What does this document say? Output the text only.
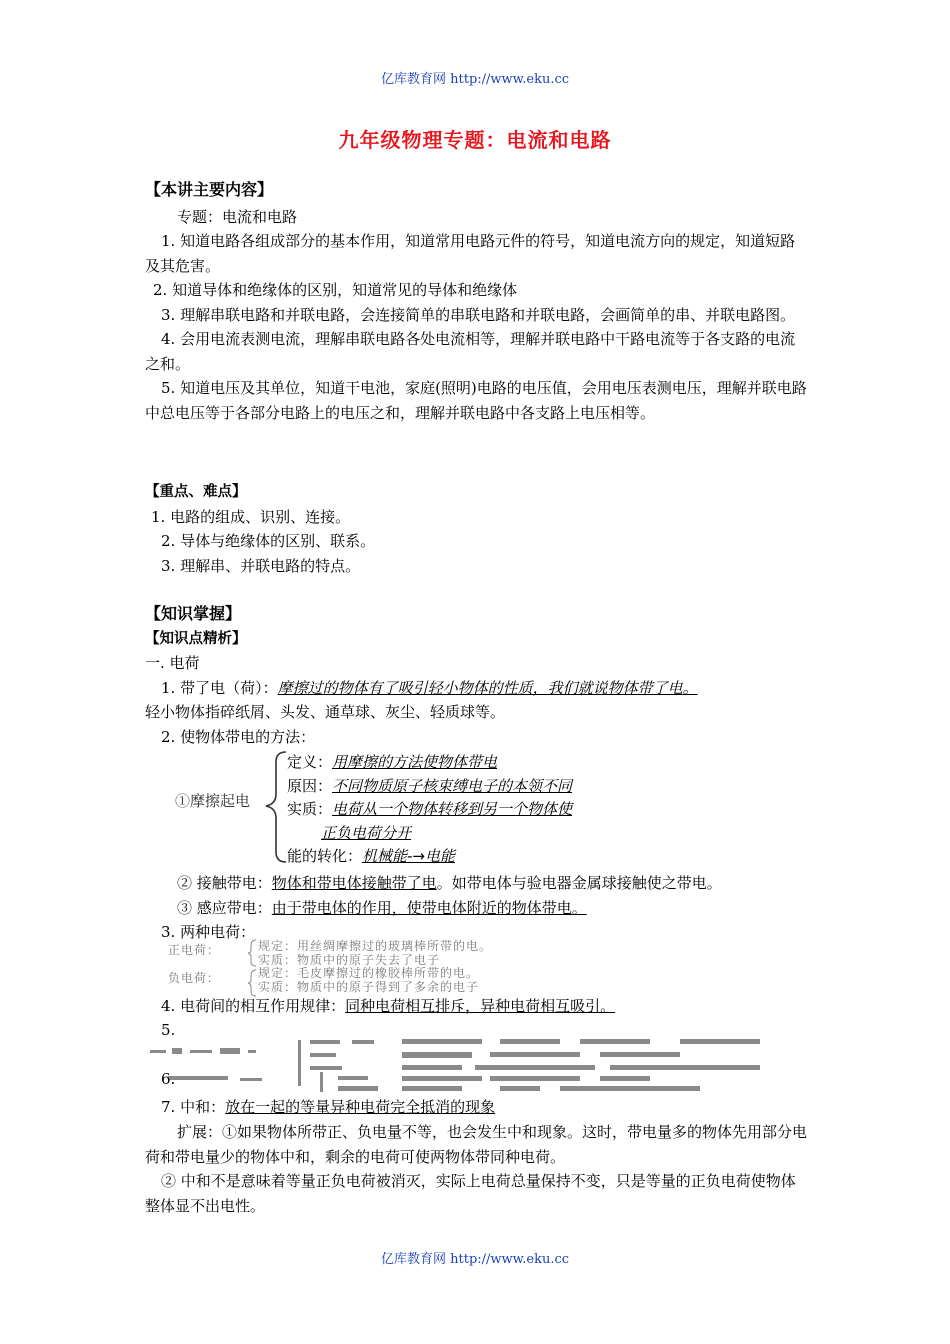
亿库教育网 http://www.eku.cc
九年级物理专题：电流和电路
【本讲主要内容】
专题：电流和电路
1. 知道电路各组成部分的基本作用，知道常用电路元件的符号，知道电流方向的规定，知道短路及其危害。
2. 知道导体和绝缘体的区别，知道常见的导体和绝缘体
3. 理解串联电路和并联电路，会连接简单的串联电路和并联电路，会画简单的串、并联电路图。
4. 会用电流表测电流，理解串联电路各处电流相等，理解并联电路中干路电流等于各支路的电流之和。
5. 知道电压及其单位，知道干电池，家庭(照明)电路的电压值，会用电压表测电压，理解并联电路中总电压等于各部分电路上的电压之和，理解并联电路中各支路上电压相等。
【重点、难点】
1. 电路的组成、识别、连接。
2. 导体与绝缘体的区别、联系。
3. 理解串、并联电路的特点。
【知识掌握】
【知识点精析】
一. 电荷
1. 带了电（荷）：摩擦过的物体有了吸引轻小物体的性质，我们就说物体带了电。
轻小物体指碎纸屑、头发、通草球、灰尘、轻质球等。
2. 使物体带电的方法：
①摩擦起电
定义：用摩擦的方法使物体带电
原因：不同物质原子核束缚电子的本领不同
实质：电荷从一个物体转移到另一个物体使
正负电荷分开
能的转化：机械能-→电能
② 接触带电：物体和带电体接触带了电。如带电体与验电器金属球接触使之带电。
③ 感应带电：由于带电体的作用，使带电体附近的物体带电。
3. 两种电荷：
正电荷：	规定：用丝绸摩擦过的玻璃棒所带的电。
实质：物质中的原子失去了电子
负电荷：	规定：毛皮摩擦过的橡胶棒所带的电。
实质：物质中的原子得到了多余的电子
4. 电荷间的相互作用规律：同种电荷相互排斥，异种电荷相互吸引。
5.
6.
7. 中和：放在一起的等量异种电荷完全抵消的现象
扩展：①如果物体所带正、负电量不等，也会发生中和现象。这时，带电量多的物体先用部分电荷和带电量少的物体中和，剩余的电荷可使两物体带同种电荷。
② 中和不是意味着等量正负电荷被消灭，实际上电荷总量保持不变，只是等量的正负电荷使物体整体显不出电性。
亿库教育网 http://www.eku.cc
